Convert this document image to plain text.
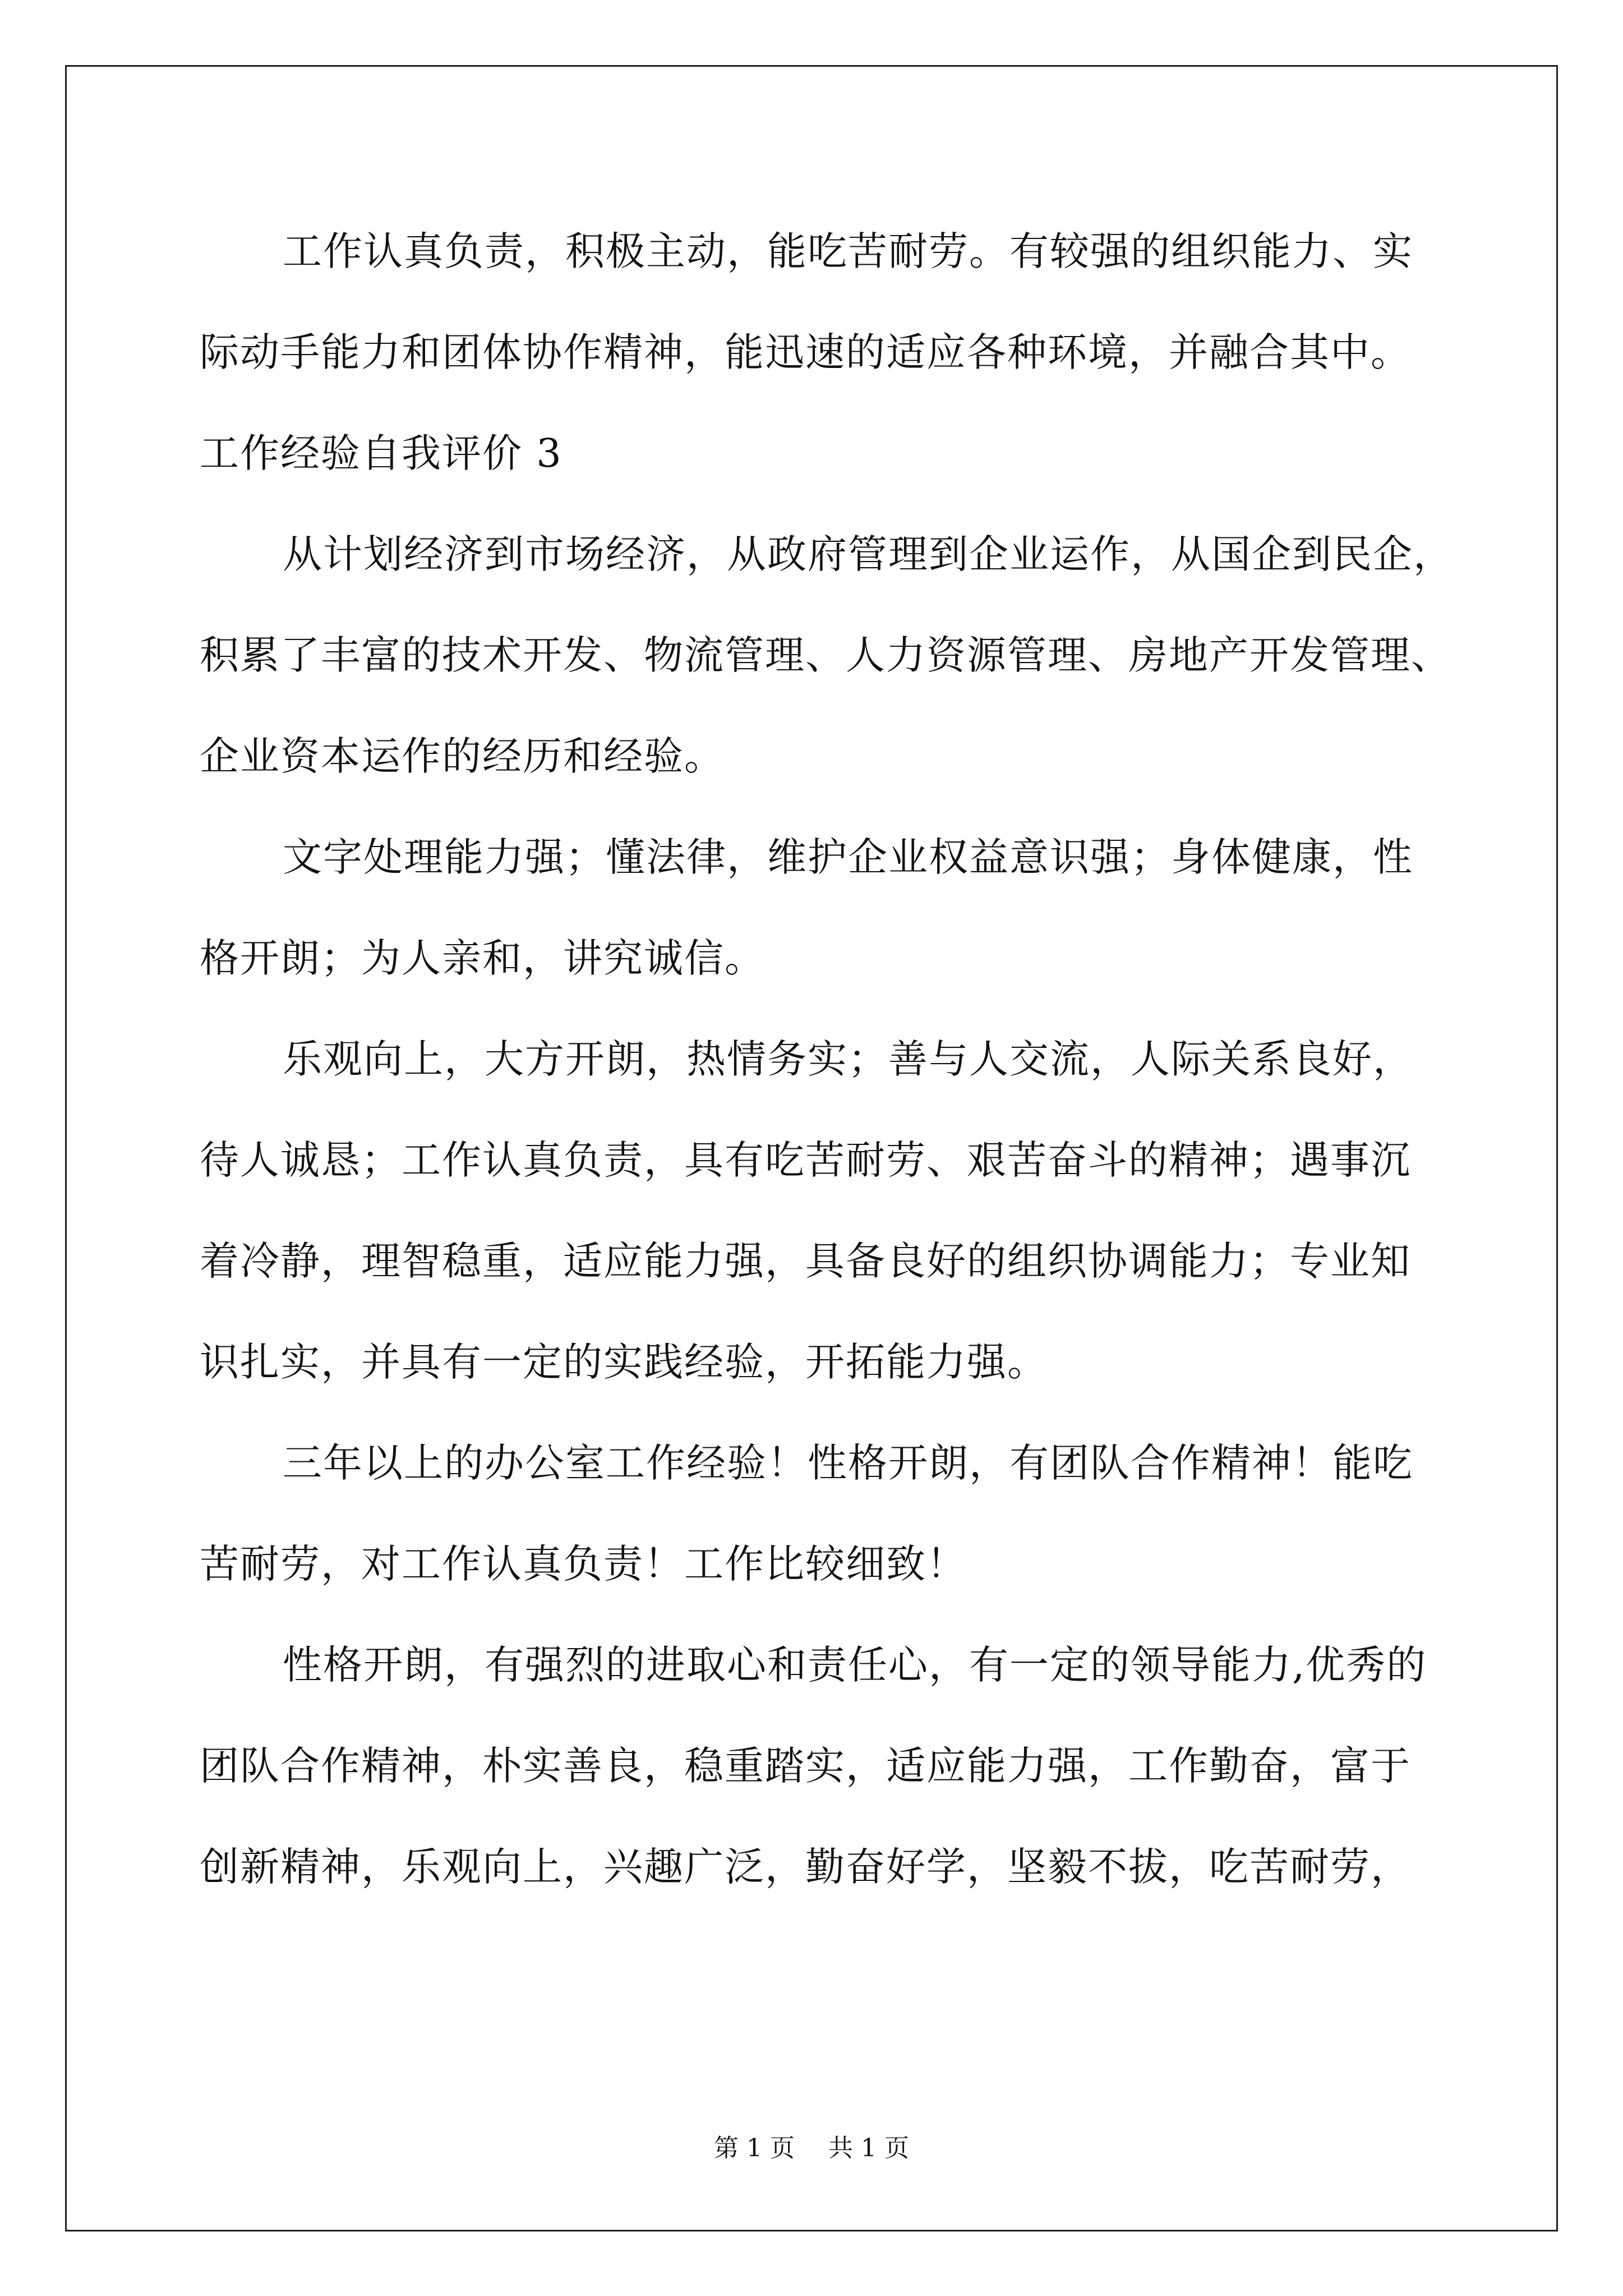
工作认真负责，积极主动，能吃苦耐劳。有较强的组织能力、实
际动手能力和团体协作精神，能迅速的适应各种环境，并融合其中。
工作经验自我评价 3
从计划经济到市场经济，从政府管理到企业运作，从国企到民企，
积累了丰富的技术开发、物流管理、人力资源管理、房地产开发管理、
企业资本运作的经历和经验。
文字处理能力强；懂法律，维护企业权益意识强；身体健康，性
格开朗；为人亲和，讲究诚信。
乐观向上，大方开朗，热情务实；善与人交流，人际关系良好，
待人诚恳；工作认真负责，具有吃苦耐劳、艰苦奋斗的精神；遇事沉
着冷静，理智稳重，适应能力强，具备良好的组织协调能力；专业知
识扎实，并具有一定的实践经验，开拓能力强。
三年以上的办公室工作经验！性格开朗，有团队合作精神！能吃
苦耐劳，对工作认真负责！工作比较细致！
性格开朗，有强烈的进取心和责任心，有一定的领导能力,优秀的
团队合作精神，朴实善良，稳重踏实，适应能力强，工作勤奋，富于
创新精神，乐观向上，兴趣广泛，勤奋好学，坚毅不拔，吃苦耐劳，
第 1 页 共 1 页
